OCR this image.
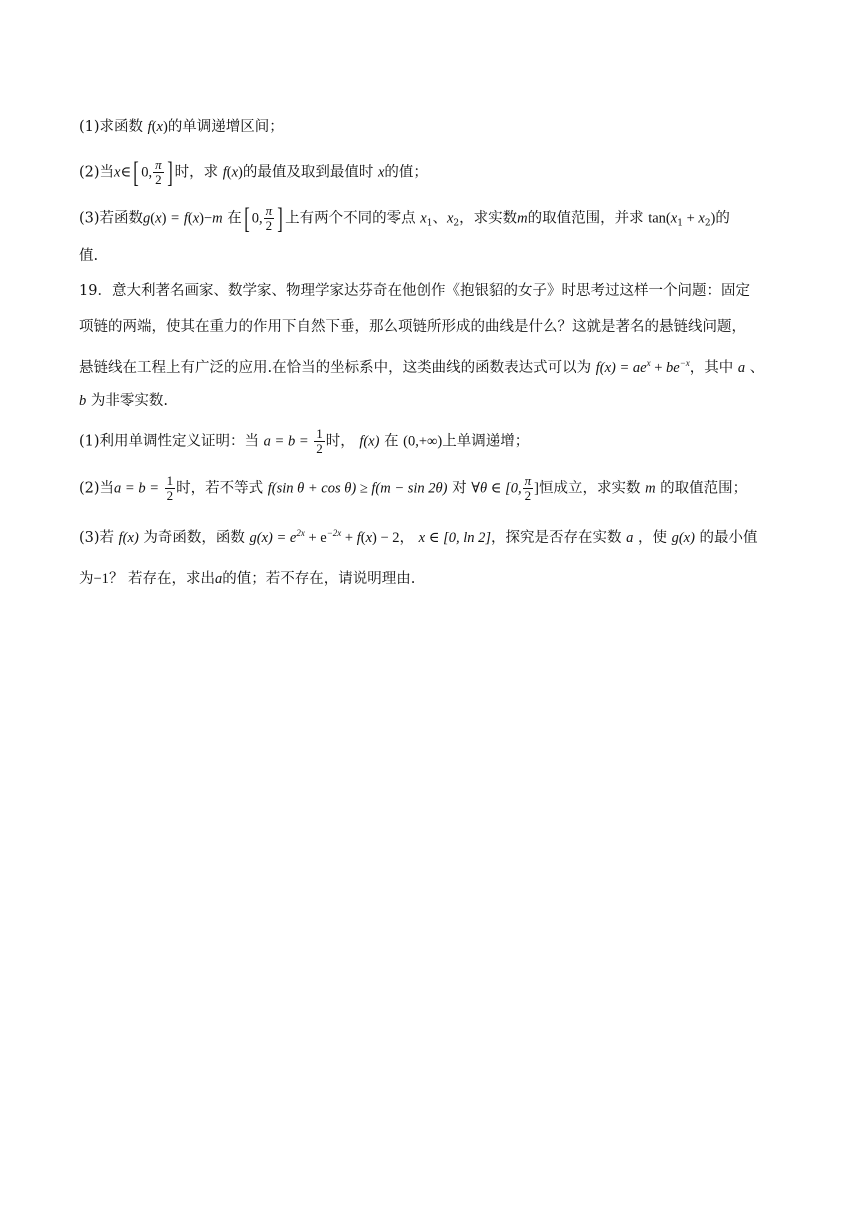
(1)求函数 f(x)的单调递增区间；
(2)当x∈[ 0, $\frac{\pi}{2}$ ] 时，求 f(x)的最值及取到最值时 x的值；
(3)若函数g(x) = f(x)−m 在[ 0, $\frac{\pi}{2}$ ] 上有两个不同的零点 $x_1$、$x_2$，求实数m的取值范围，并求 $\tan(x_1 + x_2)$的
值.
19．意大利著名画家、数学家、物理学家达芬奇在他创作《抱银貂的女子》时思考过这样一个问题：固定
项链的两端，使其在重力的作用下自然下垂，那么项链所形成的曲线是什么？这就是著名的悬链线问题，
悬链线在工程上有广泛的应用.在恰当的坐标系中，这类曲线的函数表达式可以为 $f(x) = ae^x + be^{-x}$，其中 a 、
b 为非零实数.
(1)利用单调性定义证明：当 $a = b = \frac{1}{2}$ 时， f(x) 在 (0,+∞)上单调递增；
(2)当$a = b = \frac{1}{2}$ 时，若不等式 f(sin θ + cos θ) ≥ f(m − sin 2θ) 对 ∀θ ∈ [0, $\frac{\pi}{2}$ ]恒成立，求实数 m 的取值范围；
(3)若 f(x) 为奇函数，函数 $g(x) = e^{2x} + e^{-2x} + f(x) - 2$， x ∈ [0, ln 2]，探究是否存在实数 a ，使 g(x) 的最小值
为−1？ 若存在，求出a的值；若不存在，请说明理由.
